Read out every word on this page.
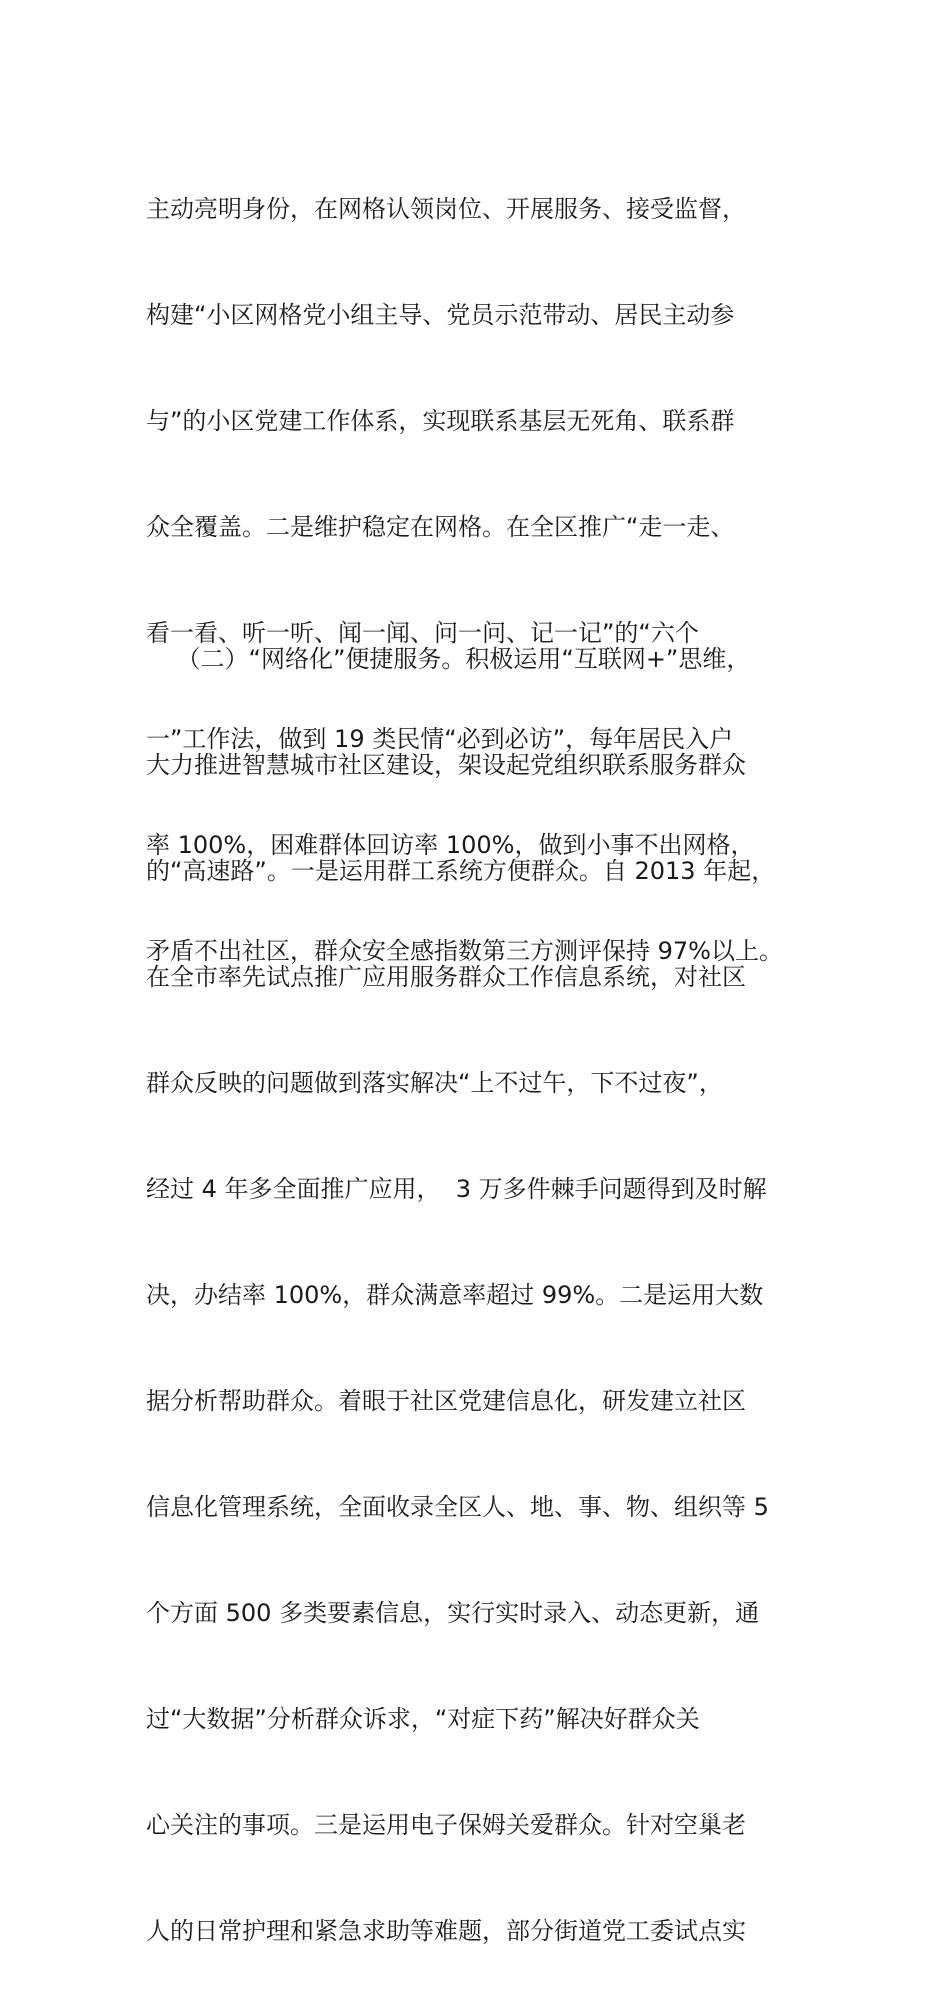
主动亮明身份，在网格认领岗位、开展服务、接受监督，

构建“小区网格党小组主导、党员示范带动、居民主动参

与”的小区党建工作体系，实现联系基层无死角、联系群

众全覆盖。二是维护稳定在网格。在全区推广“走一走、

看一看、听一听、闻一闻、问一问、记一记”的“六个

一”工作法，做到 19 类民情“必到必访”，每年居民入户

率 100%，困难群体回访率 100%，做到小事不出网格，

矛盾不出社区，群众安全感指数第三方测评保持 97%以上。

（二）“网络化”便捷服务。积极运用“互联网+”思维，

大力推进智慧城市社区建设，架设起党组织联系服务群众

的“高速路”。一是运用群工系统方便群众。自 2013 年起，

在全市率先试点推广应用服务群众工作信息系统，对社区

群众反映的问题做到落实解决“上不过午，下不过夜”，

经过 4 年多全面推广应用，  3 万多件棘手问题得到及时解

决，办结率 100%，群众满意率超过 99%。二是运用大数

据分析帮助群众。着眼于社区党建信息化，研发建立社区

信息化管理系统，全面收录全区人、地、事、物、组织等 5

个方面 500 多类要素信息，实行实时录入、动态更新，通

过“大数据”分析群众诉求，“对症下药”解决好群众关

心关注的事项。三是运用电子保姆关爱群众。针对空巢老

人的日常护理和紧急求助等难题，部分街道党工委试点实
